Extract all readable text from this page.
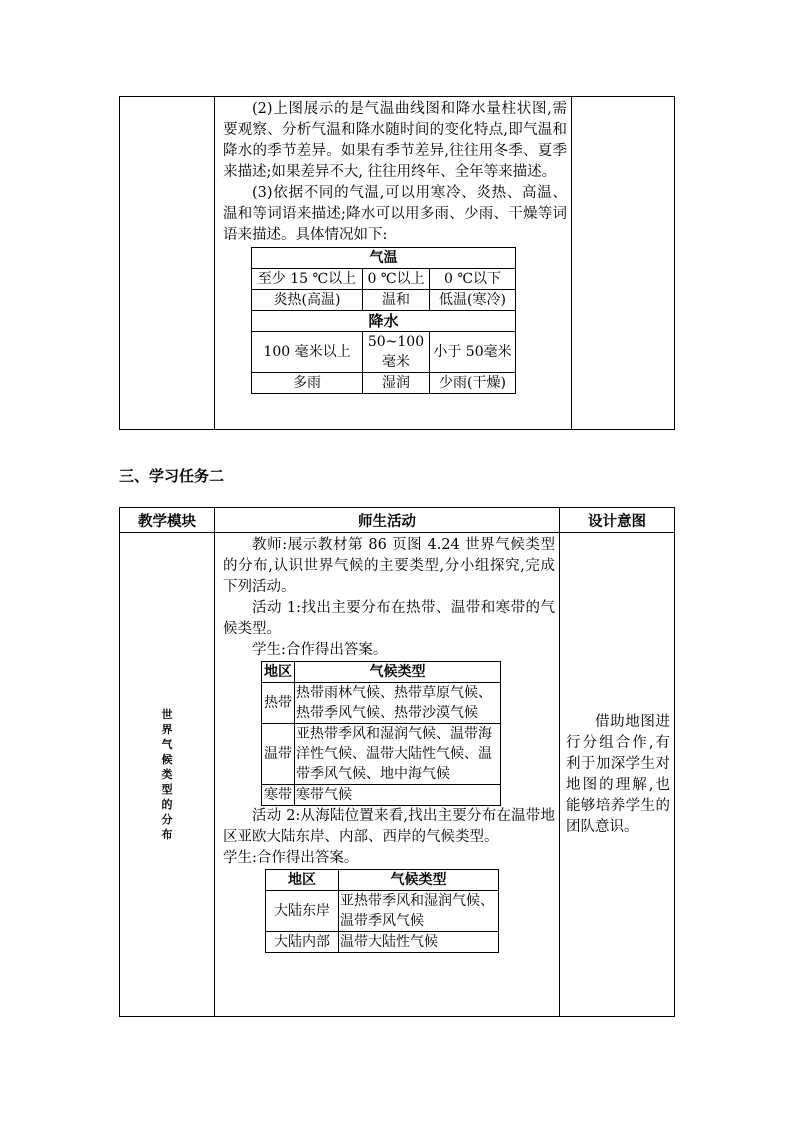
(2)上图展示的是气温曲线图和降水量柱状图,需要观察、分析气温和降水随时间的变化特点,即气温和降水的季节差异。如果有季节差异,往往用冬季、夏季来描述;如果差异不大, 往往用终年、全年等来描述。

(3)依据不同的气温,可以用寒冷、炎热、高温、温和等词语来描述;降水可以用多雨、少雨、干燥等词语来描述。具体情况如下:

气温
至少 15 ℃以上	0 ℃以上	0 ℃以下
炎热(高温)	温和	低温(寒冷)
降水
100 毫米以上	50~100 毫米	小于 50毫米
多雨	湿润	少雨(干燥)

三、学习任务二
教学模块	师生活动	设计意图

世界气候类型的分布

教师:展示教材第 86 页图 4.24 世界气候类型的分布,认识世界气候的主要类型,分小组探究,完成下列活动。

活动 1:找出主要分布在热带、温带和寒带的气候类型。

学生:合作得出答案。

地区	气候类型
热带	热带雨林气候、热带草原气候、热带季风气候、热带沙漠气候
温带	亚热带季风和湿润气候、温带海洋性气候、温带大陆性气候、温带季风气候、地中海气候
寒带	寒带气候

活动 2:从海陆位置来看,找出主要分布在温带地区亚欧大陆东岸、内部、西岸的气候类型。

学生:合作得出答案。

地区	气候类型
大陆东岸	亚热带季风和湿润气候、温带季风气候
大陆内部	温带大陆性气候

借助地图进行分组合作,有利于加深学生对地图的理解,也能够培养学生的团队意识。
